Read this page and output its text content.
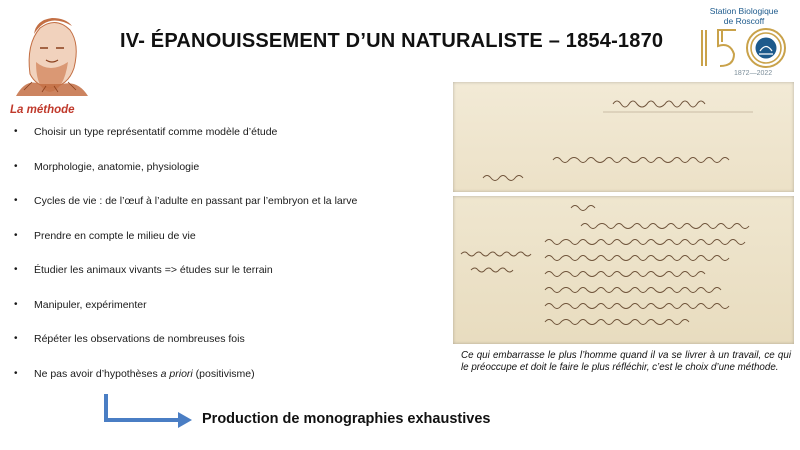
IV- ÉPANOUISSEMENT D’UN NATURALISTE – 1854-1870
Station Biologique
de Roscoff
1872—2022
La méthode
• Choisir un type représentatif comme modèle d’étude
• Morphologie, anatomie, physiologie
• Cycles de vie : de l’œuf à l’adulte en passant par l’embryon et la larve
• Prendre en compte le milieu de vie
• Étudier les animaux vivants => études sur le terrain
• Manipuler, expérimenter
• Répéter les observations de nombreuses fois
• Ne pas avoir d’hypothèses a priori (positivisme)
Production de monographies exhaustives
Ce qui embarrasse le plus l’homme quand il va se livrer à un travail, ce qui le préoccupe et doit le faire le plus réfléchir, c’est le choix d’une méthode.
